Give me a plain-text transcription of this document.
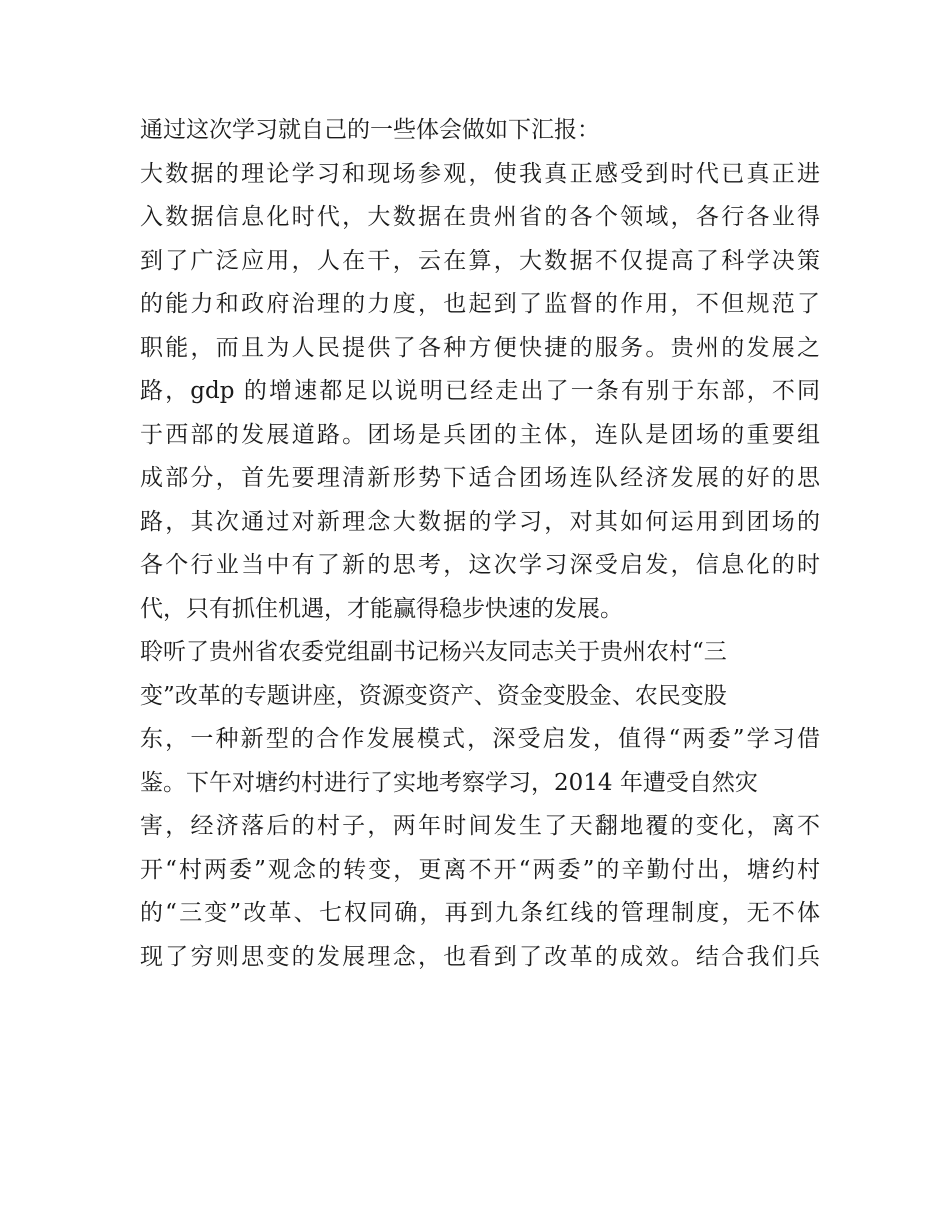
通过这次学习就自己的一些体会做如下汇报：
大数据的理论学习和现场参观，使我真正感受到时代已真正进
入数据信息化时代，大数据在贵州省的各个领域，各行各业得
到了广泛应用，人在干，云在算，大数据不仅提高了科学决策
的能力和政府治理的力度，也起到了监督的作用，不但规范了
职能，而且为人民提供了各种方便快捷的服务。贵州的发展之
路，gdp 的增速都足以说明已经走出了一条有别于东部，不同
于西部的发展道路。团场是兵团的主体，连队是团场的重要组
成部分，首先要理清新形势下适合团场连队经济发展的好的思
路，其次通过对新理念大数据的学习，对其如何运用到团场的
各个行业当中有了新的思考，这次学习深受启发，信息化的时
代，只有抓住机遇，才能赢得稳步快速的发展。
聆听了贵州省农委党组副书记杨兴友同志关于贵州农村“三
变”改革的专题讲座，资源变资产、资金变股金、农民变股
东，一种新型的合作发展模式，深受启发，值得“两委”学习借
鉴。下午对塘约村进行了实地考察学习，2014 年遭受自然灾
害，经济落后的村子，两年时间发生了天翻地覆的变化，离不
开“村两委”观念的转变，更离不开“两委”的辛勤付出，塘约村
的“三变”改革、七权同确，再到九条红线的管理制度，无不体
现了穷则思变的发展理念，也看到了改革的成效。结合我们兵
